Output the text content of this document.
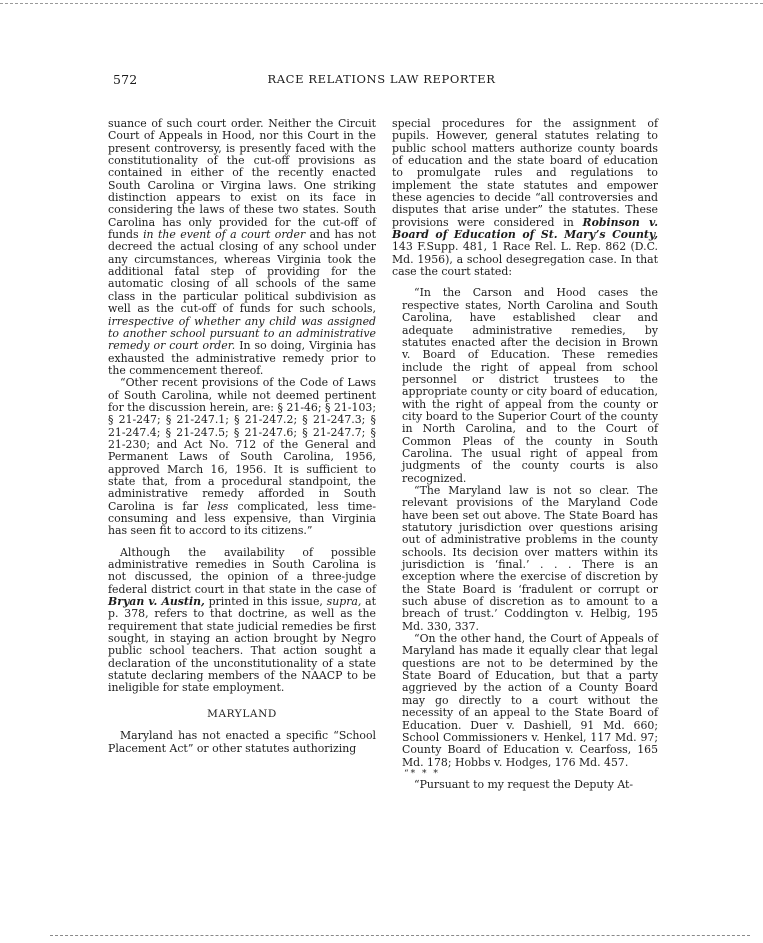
572	RACE RELATIONS LAW REPORTER

suance of such court order. Neither the Circuit Court of Appeals in Hood, nor this Court in the present controversy, is presently faced with the constitutionality of the cut-off provisions as contained in either of the recently enacted South Carolina or Virgina laws. One striking distinction appears to exist on its face in considering the laws of these two states. South Carolina has only provided for the cut-off of funds in the event of a court order and has not decreed the actual closing of any school under any circumstances, whereas Virginia took the additional fatal step of providing for the automatic closing of all schools of the same class in the particular political subdivision as well as the cut-off of funds for such schools, irrespective of whether any child was assigned to another school pursuant to an administrative remedy or court order. In so doing, Virginia has exhausted the administrative remedy prior to the commencement thereof.

“Other recent provisions of the Code of Laws of South Carolina, while not deemed pertinent for the discussion herein, are: § 21-46; § 21-103; § 21-247; § 21-247.1; § 21-247.2; § 21-247.3; § 21-247.4; § 21-247.5; § 21-247.6; § 21-247.7; § 21-230; and Act No. 712 of the General and Permanent Laws of South Carolina, 1956, approved March 16, 1956. It is sufficient to state that, from a procedural standpoint, the administrative remedy afforded in South Carolina is far less complicated, less time-consuming and less expensive, than Virginia has seen fit to accord to its citizens.”

Although the availability of possible administrative remedies in South Carolina is not discussed, the opinion of a three-judge federal district court in that state in the case of Bryan v. Austin, printed in this issue, supra, at p. 378, refers to that doctrine, as well as the requirement that state judicial remedies be first sought, in staying an action brought by Negro public school teachers. That action sought a declaration of the unconstitutionality of a state statute declaring members of the NAACP to be ineligible for state employment.

MARYLAND

Maryland has not enacted a specific “School Placement Act” or other statutes authorizing

special procedures for the assignment of pupils. However, general statutes relating to public school matters authorize county boards of education and the state board of education to promulgate rules and regulations to implement the state statutes and empower these agencies to decide “all controversies and disputes that arise under” the statutes. These provisions were considered in Robinson v. Board of Education of St. Mary’s County, 143 F.Supp. 481, 1 Race Rel. L. Rep. 862 (D.C. Md. 1956), a school desegregation case. In that case the court stated:

“In the Carson and Hood cases the respective states, North Carolina and South Carolina, have established clear and adequate administrative remedies, by statutes enacted after the decision in Brown v. Board of Education. These remedies include the right of appeal from school personnel or district trustees to the appropriate county or city board of education, with the right of appeal from the county or city board to the Superior Court of the county in North Carolina, and to the Court of Common Pleas of the county in South Carolina. The usual right of appeal from judgments of the county courts is also recognized.

“The Maryland law is not so clear. The relevant provisions of the Maryland Code have been set out above. The State Board has statutory jurisdiction over questions arising out of administrative problems in the county schools. Its decision over matters within its jurisdiction is ‘final.’ . . . There is an exception where the exercise of discretion by the State Board is ‘fradulent or corrupt or such abuse of discretion as to amount to a breach of trust.’ Coddington v. Helbig, 195 Md. 330, 337.

“On the other hand, the Court of Appeals of Maryland has made it equally clear that legal questions are not to be determined by the State Board of Education, but that a party aggrieved by the action of a County Board may go directly to a court without the necessity of an appeal to the State Board of Education. Duer v. Dashiell, 91 Md. 660; School Commissioners v. Henkel, 117 Md. 97; County Board of Education v. Cearfoss, 165 Md. 178; Hobbs v. Hodges, 176 Md. 457.

“* * *

“Pursuant to my request the Deputy At-
